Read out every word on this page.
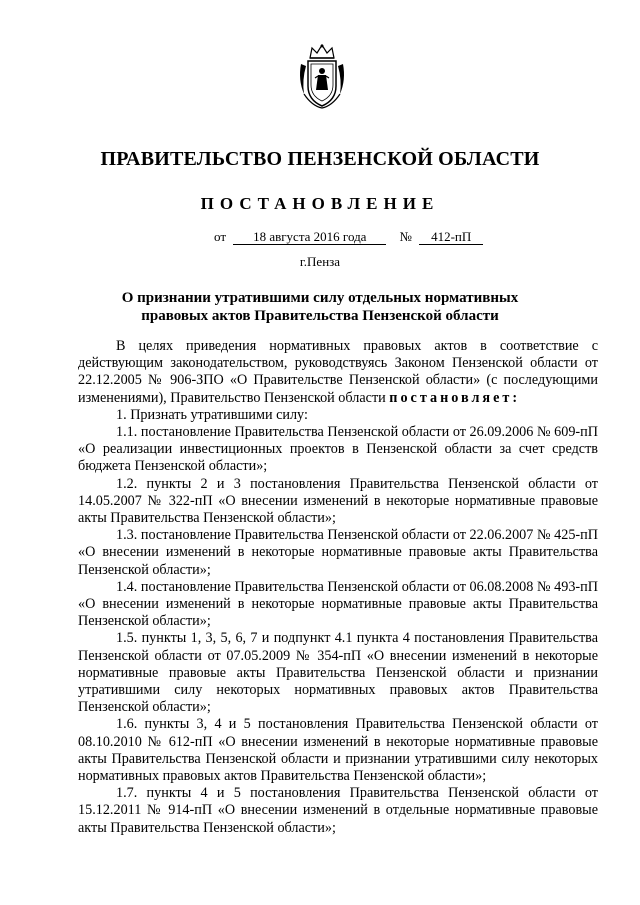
ПРАВИТЕЛЬСТВО ПЕНЗЕНСКОЙ ОБЛАСТИ
ПОСТАНОВЛЕНИЕ
от 18 августа 2016 года	№ 412-пП
г.Пенза
О признании утратившими силу отдельных нормативных
правовых актов Правительства Пензенской области

В целях приведения нормативных правовых актов в соответствие с действующим законодательством, руководствуясь Законом Пензенской области от 22.12.2005 № 906-ЗПО «О Правительстве Пензенской области» (с последующими изменениями), Правительство Пензенской области постановляет:

1. Признать утратившими силу:

1.1. постановление Правительства Пензенской области от 26.09.2006 № 609-пП «О реализации инвестиционных проектов в Пензенской области за счет средств бюджета Пензенской области»;

1.2. пункты 2 и 3 постановления Правительства Пензенской области от 14.05.2007 № 322-пП «О внесении изменений в некоторые нормативные правовые акты Правительства Пензенской области»;

1.3. постановление Правительства Пензенской области от 22.06.2007 № 425-пП «О внесении изменений в некоторые нормативные правовые акты Правительства Пензенской области»;

1.4. постановление Правительства Пензенской области от 06.08.2008 № 493-пП «О внесении изменений в некоторые нормативные правовые акты Правительства Пензенской области»;

1.5. пункты 1, 3, 5, 6, 7 и подпункт 4.1 пункта 4 постановления Правительства Пензенской области от 07.05.2009 № 354-пП «О внесении изменений в некоторые нормативные правовые акты Правительства Пензенской области и признании утратившими силу некоторых нормативных правовых актов Правительства Пензенской области»;

1.6. пункты 3, 4 и 5 постановления Правительства Пензенской области от 08.10.2010 № 612-пП «О внесении изменений в некоторые нормативные правовые акты Правительства Пензенской области и признании утратившими силу некоторых нормативных правовых актов Правительства Пензенской области»;

1.7. пункты 4 и 5 постановления Правительства Пензенской области от 15.12.2011 № 914-пП «О внесении изменений в отдельные нормативные правовые акты Правительства Пензенской области»;
